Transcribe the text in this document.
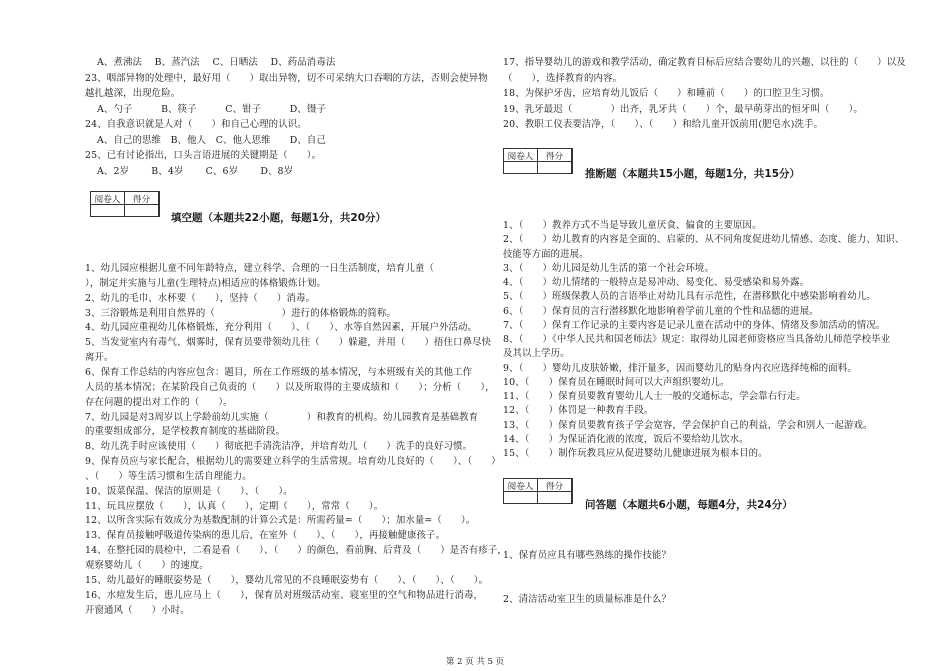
A、煮沸法　 B、蒸汽法　 C、日晒法　 D、药品消毒法
23、咽部异物的处理中，最好用（　　）取出异物，切不可采纳大口吞咽的方法，否则会使异物
越扎越深，出现危险。
A、勺子　　　B、筷子　　　C、钳子　　　D、镊子
24、自我意识就是人对（　　）和自己心理的认识。
A、自己的思维　B、他人　C、他人思维　　D、自己
25、已有讨论指出，口头言语进展的关键期是（　　）。
A、2岁　　 B、4岁　　 C、6岁　　 D、8岁
阅卷人	得分
填空题（本题共22小题，每题1分，共20分）
1、幼儿园应根据儿童不同年龄特点，建立科学、合理的一日生活制度，培育儿童（　　
），制定并实施与儿童(生理特点)相适应的体格锻炼计划。
2、幼儿的毛巾、水杯要（　　），坚持（　　）消毒。
3、三浴锻炼是利用自然界的（　　　　　　　）进行的体格锻炼的简称。
4、幼儿园应重视幼儿体格锻炼，充分利用（　　）、（　　）、水等自然因素，开展户外活动。
5、当发觉室内有毒气、烟雾时，保育员要带领幼儿往（　　）躲避，并用（　　）捂住口鼻尽快
离开。
6、保育工作总结的内容应包含：题目，所在工作班级的基本情况，与本班级有关的其他工作
人员的基本情况；在某阶段自己负责的（　　）以及所取得的主要成绩和（　　）；分析（　　），
存在问题的提出对工作的（　　）。
7、幼儿园是对3周岁以上学龄前幼儿实施（　　　　）和教育的机构。幼儿园教育是基础教育
的重要组成部分，是学校教育制度的基础阶段。
8、幼儿洗手时应该使用（　　）彻底把手清洗洁净，并培育幼儿（　　）洗手的良好习惯。
9、保育员应与家长配合，根据幼儿的需要建立科学的生活常规。培育幼儿良好的（　　）、（　　）
、（　　）等生活习惯和生活自理能力。
10、饭菜保温、保洁的原则是（　　）、（　　）。
11、玩具应摆放（　　），认真（　　），定期（　　），常常（　　）。
12、以所含实际有效成分为基数配制的计算公式是：所需药量=（　　）；加水量=（　　）。
13、保育员接触呼吸道传染病的患儿后，在室外（　　）、（　　），再接触健康孩子。
14、在整托园的晨检中，二看是看（　　）、（　　）的颜色，看前胸、后背及（　　）是否有疹子，
观察婴幼儿（　　）的速度。
15、幼儿最好的睡眠姿势是（　　），婴幼儿常见的不良睡眠姿势有（　　）、（　　）、（　　）。
16、水痘发生后，患儿应马上（　　），保育员对班级活动室、寝室里的空气和物品进行消毒，
开窗通风（　　）小时。
17、指导婴幼儿的游戏和教学活动，确定教育目标后应结合婴幼儿的兴趣、以往的（　　）以及
（　　），选择教育的内容。
18、为保护牙齿，应培育幼儿饭后（　　）和睡前（　　）的口腔卫生习惯。
19、乳牙最迟（　　　　）出齐，乳牙共（　　）个，最早萌芽出的恒牙叫（　　）。
20、教职工仪表要洁净，（　　）、（　　）和给儿童开饭前用(肥皂水)洗手。
阅卷人	得分
推断题（本题共15小题，每题1分，共15分）
1、（　　）教养方式不当是导致儿童厌食、偏食的主要原因。
2、（　　）幼儿教育的内容是全面的、启蒙的、从不同角度促进幼儿情感、态度、能力、知识、
技能等方面的进展。
3、（　　）幼儿园是幼儿生活的第一个社会环境。
4、（　　）幼儿情绪的一般特点是易冲动、易变化、易受感染和易外露。
5、（　　）班级保教人员的言语举止对幼儿具有示范性，在潜移默化中感染影响着幼儿。
6、（　　）保育员的言行潜移默化地影响着学前儿童的个性和品德的进展。
7、（　　）保育工作记录的主要内容是记录儿童在活动中的身体、情绪及参加活动的情况。
8、（　　）《中华人民共和国老师法》规定：取得幼儿园老师资格应当具备幼儿师范学校毕业
及其以上学历。
9、（　　）婴幼儿皮肤娇嫩，排汗量多，因而婴幼儿的贴身内衣应选择纯棉的面料。
10、（　　）保育员在睡眠时间可以大声组织婴幼儿。
11、（　　）保育员要教育婴幼儿人士一般的交通标志，学会靠右行走。
12、（　　）体罚是一种教育手段。
13、（　　）保育员要教育孩子学会宽容，学会保护自己的利益，学会和别人一起游戏。
14、（　　）为保证消化液的浓度，饭后不要给幼儿饮水。
15、（　　）制作玩教具应从促进婴幼儿健康进展为根本目的。
阅卷人	得分
问答题（本题共6小题，每题4分，共24分）
1、保育员应具有哪些熟练的操作技能？
2、清洁活动室卫生的质量标准是什么？
第 2 页 共 5 页
